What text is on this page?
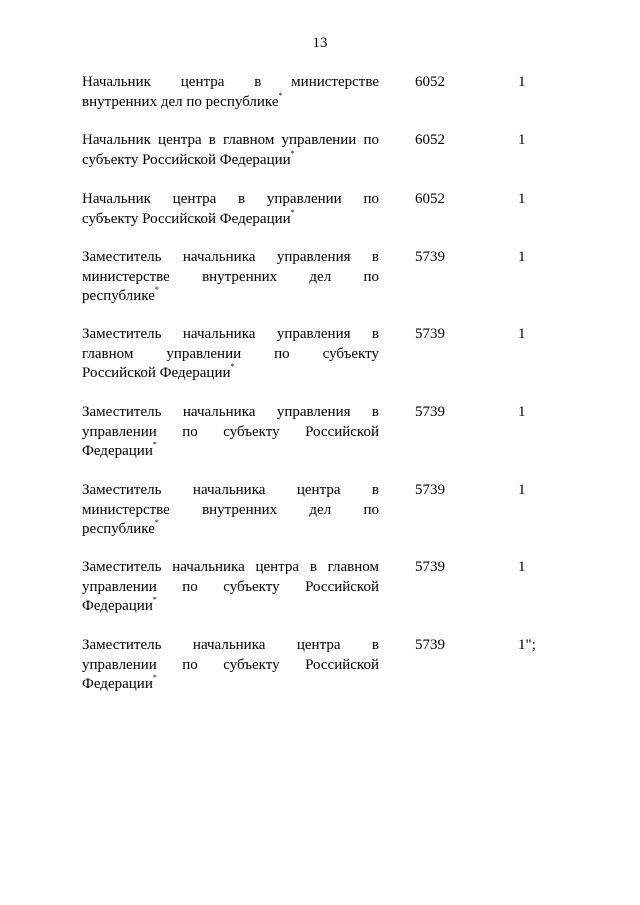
13
Начальник центра в министерстве
внутренних дел по республике*
6052	1
Начальник центра в главном управлении по
субъекту Российской Федерации*
6052	1
Начальник центра в управлении по
субъекту Российской Федерации*
6052	1
Заместитель начальника управления в
министерстве внутренних дел по
республике*
5739	1
Заместитель начальника управления в
главном управлении по субъекту
Российской Федерации*
5739	1
Заместитель начальника управления в
управлении по субъекту Российской
Федерации*
5739	1
Заместитель начальника центра в
министерстве внутренних дел по
республике*
5739	1
Заместитель начальника центра в главном
управлении по субъекту Российской
Федерации*
5739	1
Заместитель начальника центра в
управлении по субъекту Российской
Федерации*
5739	1";
